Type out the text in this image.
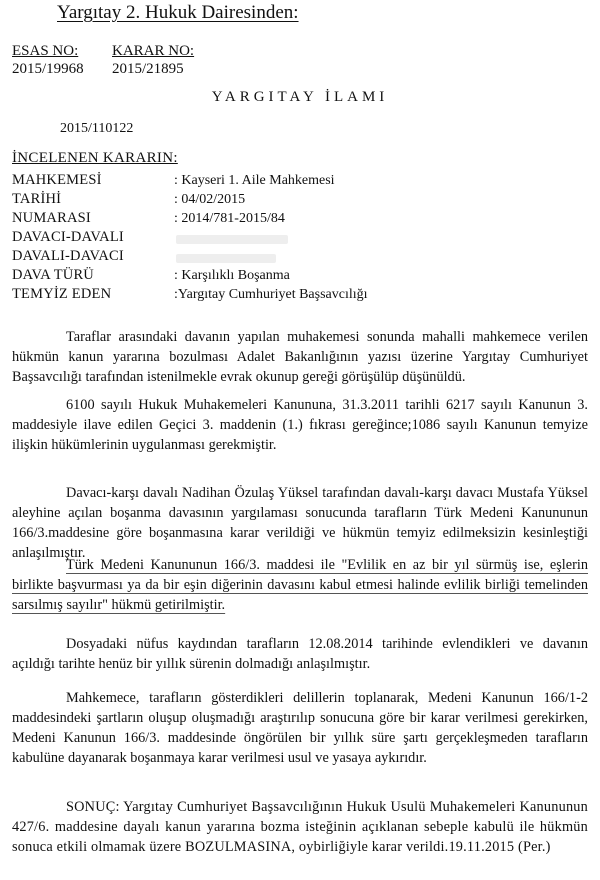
Yargıtay 2. Hukuk Dairesinden:
ESAS NO:
2015/19968
KARAR NO:
2015/21895
YARGITAY İLAMI
2015/110122
İNCELENEN KARARIN:
MAHKEMESİ	: Kayseri 1. Aile Mahkemesi
TARİHİ	: 04/02/2015
NUMARASI	: 2014/781-2015/84
DAVACI-DAVALI
DAVALI-DAVACI
DAVA TÜRÜ	: Karşılıklı Boşanma
TEMYİZ EDEN	:Yargıtay Cumhuriyet Başsavcılığı

Taraflar arasındaki davanın yapılan muhakemesi sonunda mahalli mahkemece verilen hükmün kanun yararına bozulması Adalet Bakanlığının yazısı üzerine Yargıtay Cumhuriyet Başsavcılığı tarafından istenilmekle evrak okunup gereği görüşülüp düşünüldü.

6100 sayılı Hukuk Muhakemeleri Kanununa, 31.3.2011 tarihli 6217 sayılı Kanunun 3. maddesiyle ilave edilen Geçici 3. maddenin (1.) fıkrası gereğince;1086 sayılı Kanunun temyize ilişkin hükümlerinin uygulanması gerekmiştir.

Davacı-karşı davalı Nadihan Özulaş Yüksel tarafından davalı-karşı davacı Mustafa Yüksel aleyhine açılan boşanma davasının yargılaması sonucunda tarafların Türk Medeni Kanununun 166/3.maddesine göre boşanmasına karar verildiği ve hükmün temyiz edilmeksizin kesinleştiği anlaşılmıştır.

Türk Medeni Kanununun 166/3. maddesi ile "Evlilik en az bir yıl sürmüş ise, eşlerin birlikte başvurması ya da bir eşin diğerinin davasını kabul etmesi halinde evlilik birliği temelinden sarsılmış sayılır" hükmü getirilmiştir.

Dosyadaki nüfus kaydından tarafların 12.08.2014 tarihinde evlendikleri ve davanın açıldığı tarihte henüz bir yıllık sürenin dolmadığı anlaşılmıştır.

Mahkemece, tarafların gösterdikleri delillerin toplanarak, Medeni Kanunun 166/1-2 maddesindeki şartların oluşup oluşmadığı araştırılıp sonucuna göre bir karar verilmesi gerekirken, Medeni Kanunun 166/3. maddesinde öngörülen bir yıllık süre şartı gerçekleşmeden tarafların kabulüne dayanarak boşanmaya karar verilmesi usul ve yasaya aykırıdır.

SONUÇ: Yargıtay Cumhuriyet Başsavcılığının Hukuk Usulü Muhakemeleri Kanununun 427/6. maddesine dayalı kanun yararına bozma isteğinin açıklanan sebeple kabulü ile hükmün sonuca etkili olmamak üzere BOZULMASINA, oybirliğiyle karar verildi.19.11.2015 (Per.)
